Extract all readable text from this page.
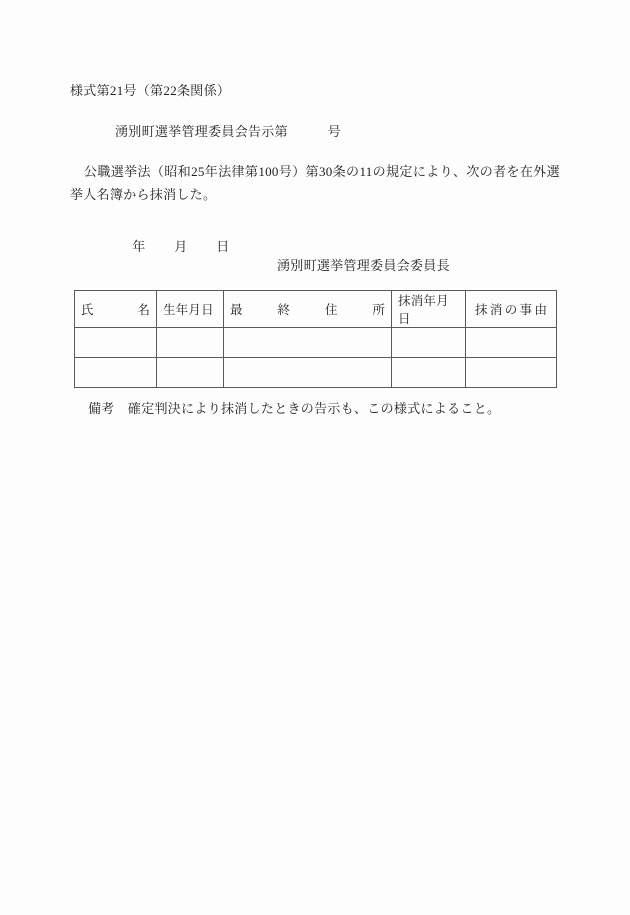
様式第21号（第22条関係）
湧別町選挙管理委員会告示第　　　号
公職選挙法（昭和25年法律第100号）第30条の11の規定により、次の者を在外選挙人名簿から抹消した。

年 月 日

湧別町選挙管理委員会委員長
氏 名	生年月日	最 終 住 所	抹消年月日	抹消の事由

備考　確定判決により抹消したときの告示も、この様式によること。
